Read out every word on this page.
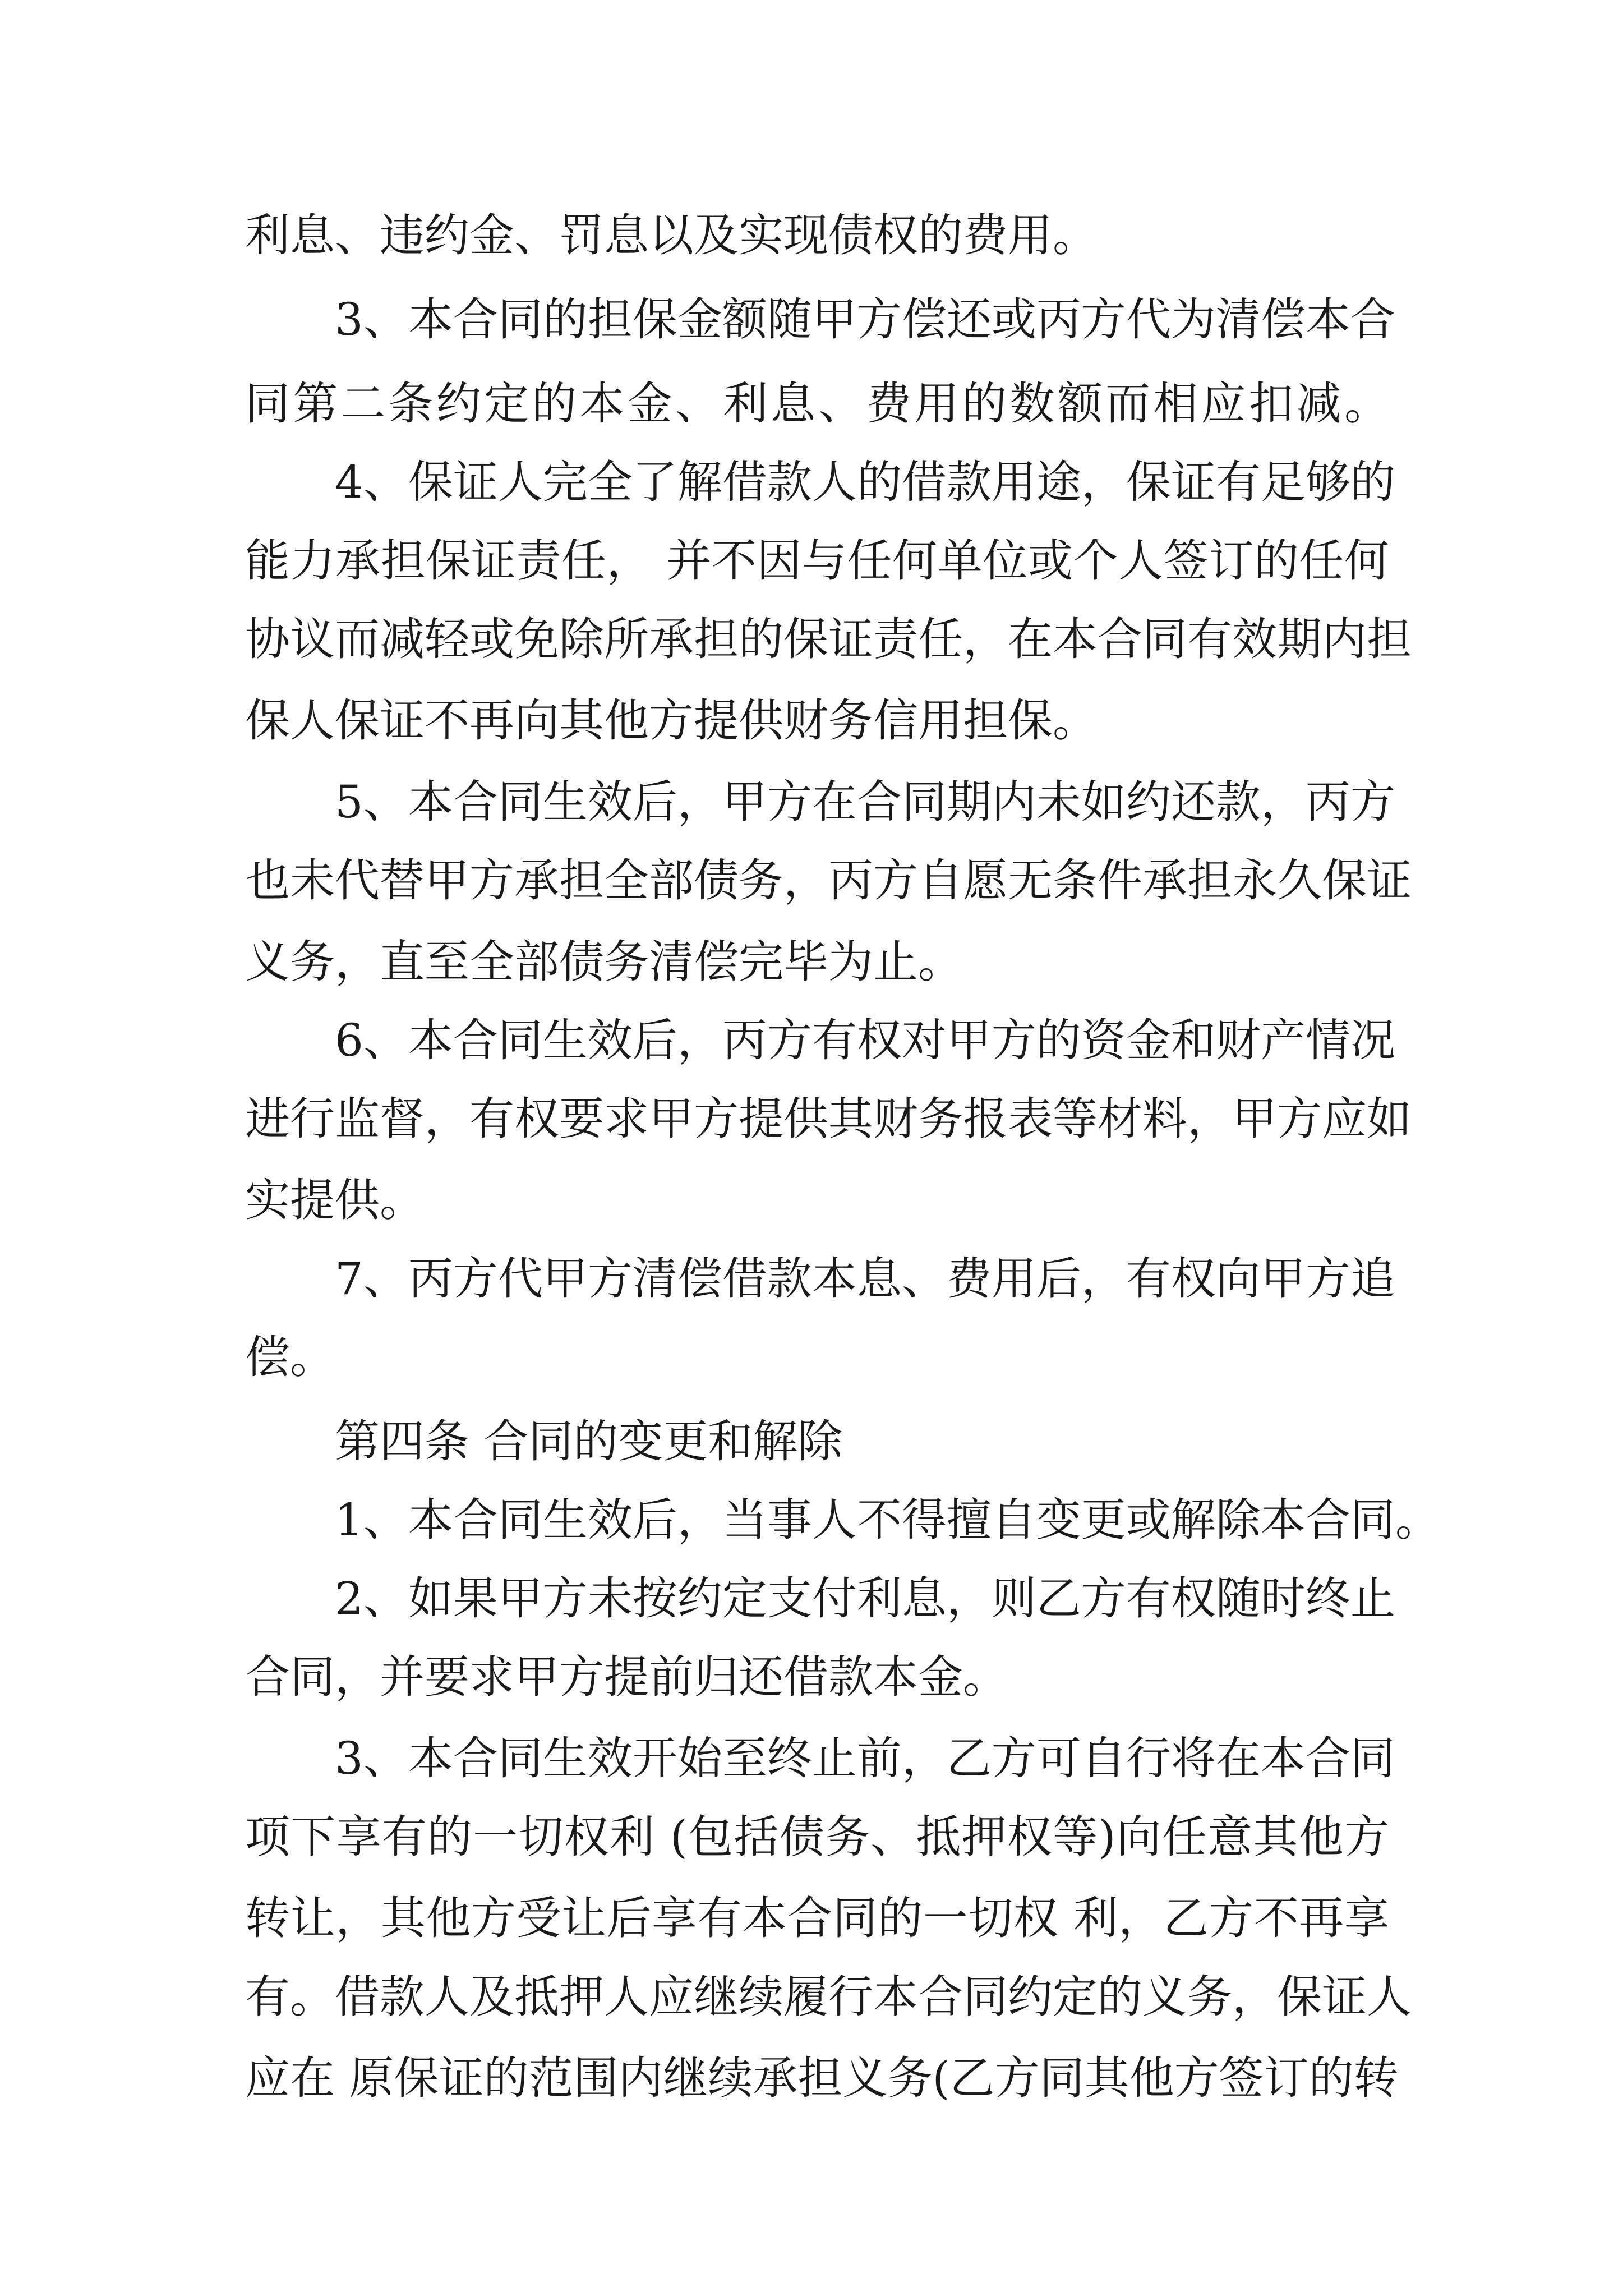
利息、违约金、罚息以及实现债权的费用。
3、本合同的担保金额随甲方偿还或丙方代为清偿本合
同第二条约定的本金、利息、费用的数额而相应扣减。
4、保证人完全了解借款人的借款用途，保证有足够的
能力承担保证责任， 并不因与任何单位或个人签订的任何
协议而减轻或免除所承担的保证责任，在本合同有效期内担
保人保证不再向其他方提供财务信用担保。
5、本合同生效后，甲方在合同期内未如约还款，丙方
也未代替甲方承担全部债务，丙方自愿无条件承担永久保证
义务，直至全部债务清偿完毕为止。
6、本合同生效后，丙方有权对甲方的资金和财产情况
进行监督，有权要求甲方提供其财务报表等材料，甲方应如
实提供。
7、丙方代甲方清偿借款本息、费用后，有权向甲方追
偿。
第四条 合同的变更和解除
1、本合同生效后，当事人不得擅自变更或解除本合同。
2、如果甲方未按约定支付利息，则乙方有权随时终止
合同，并要求甲方提前归还借款本金。
3、本合同生效开始至终止前，乙方可自行将在本合同
项下享有的一切权利 (包括债务、抵押权等)向任意其他方
转让，其他方受让后享有本合同的一切权 利，乙方不再享
有。借款人及抵押人应继续履行本合同约定的义务，保证人
应在 原保证的范围内继续承担义务(乙方同其他方签订的转
